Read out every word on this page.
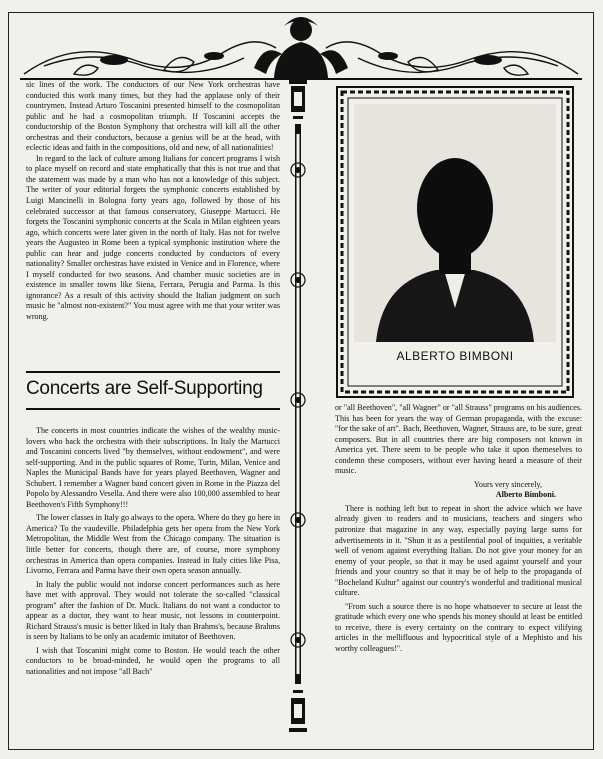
sic lines of the work. The conductors of our New York orchestras have conducted this work many times, but they had the applause only of their countrymen. Instead Arturo Toscanini presented himself to the cosmopolitan public and he had a cosmopolitan triumph. If Toscanini accepts the conductorship of the Boston Symphony that orchestra will kill all the other orchestras and their conductors, because a genius will be at the head, with eclectic ideas and faith in the compositions, old and new, of all nationalities!

In regard to the lack of culture among Italians for concert programs I wish to place myself on record and state emphatically that this is not true and that the statement was made by a man who has not a knowledge of this subject. The writer of your editorial forgets the symphonic concerts established by Luigi Mancinelli in Bologna forty years ago, followed by those of his celebrated successor at that famous conservatory, Giuseppe Martucci. He forgets the Toscanini symphonic concerts at the Scala in Milan eighteen years ago, which concerts were later given in the north of Italy. Has not for twelve years the Augusteo in Rome been a typical symphonic institution where the public can hear and judge concerts conducted by conductors of every nationality? Smaller orchestras have existed in Venice and in Florence, where I myself conducted for two seasons. And chamber music societies are in existence in smaller towns like Siena, Ferrara, Perugia and Parma. Is this ignorance? As a result of this activity should the Italian judgment on such music be "almost non-existent?" You must agree with me that your writer was wrong.

Concerts are Self-Supporting

The concerts in most countries indicate the wishes of the wealthy music-lovers who back the orchestra with their subscriptions. In Italy the Martucci and Toscanini concerts lived "by themselves, without endowment", and were self-supporting. And in the public squares of Rome, Turin, Milan, Venice and Naples the Municipal Bands have for years played Beethoven, Wagner and Schubert. I remember a Wagner band concert given in Rome in the Piazza del Popolo by Alessandro Vesella. And there were also 100,000 assembled to hear Beethoven's Fifth Symphony!!!

The lower classes in Italy go always to the opera. Where do they go here in America? To the vaudeville. Philadelphia gets her opera from the New York Metropolitan, the Middle West from the Chicago company. The situation is little better for concerts, though there are, of course, more symphony orchestras in America than opera companies. Instead in Italy cities like Pisa, Livorno, Ferrara and Parma have their own opera season annually.

In Italy the public would not indorse concert performances such as here have met with approval. They would not tolerate the so-called "classical program" after the fashion of Dr. Muck. Italians do not want a conductor to appear as a doctor, they want to hear music, not lessons in counterpoint. Richard Strauss's music is better liked in Italy than Brahms's, because Brahms is seen by Italians to be only an academic imitator of Beethoven.

I wish that Toscanini might come to Boston. He would teach the other conductors to be broad-minded, he would open the programs to all nationalities and not impose "all Bach"

ALBERTO BIMBONI

or "all Beethoven", "all Wagner" or "all Strauss" programs on his audiences. This has been for years the way of German propaganda, with the excuse: "for the sake of art". Bach, Beethoven, Wagner, Strauss are, to be sure, great composers. But in all countries there are big composers not known in America yet. There seem to be people who take it upon themeselves to condemn these composers, without ever having heard a measure of their music.

Yours very sincerely,

Alberto Bimboni.

There is nothing left but to repeat in short the advice which we have already given to readers and to musicians, teachers and singers who patronize that magazine in any way, especially paying large sums for advertisements in it. "Shun it as a pestilential pool of inquities, a veritable well of venom against everything Italian. Do not give your money for an enemy of your people, so that it may be used against yourself and your friends and your country so that it may be of help to the propaganda of "Bocheland Kultur" against our country's wonderful and traditional musical culture.

"From such a source there is no hope whatsoever to secure at least the gratitude which every one who spends his money should at least be entitled to receive, there is every certainty on the contrary to expect vilifying articles in the mellifluous and hypocritical style of a Mephisto and his worthy colleagues!".
